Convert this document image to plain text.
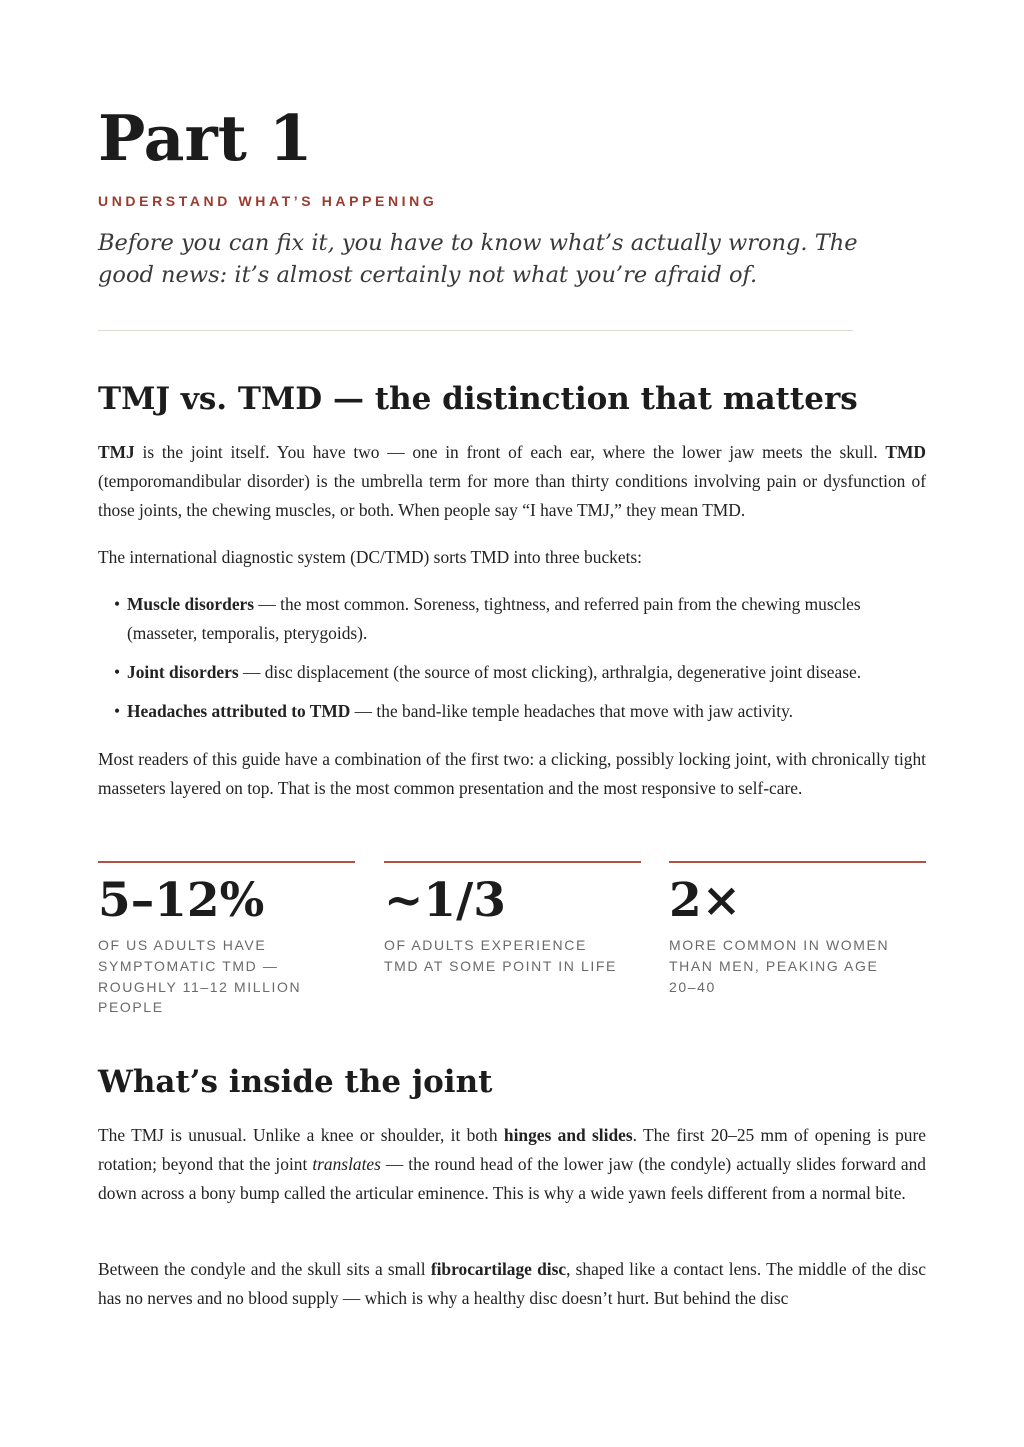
Part 1
UNDERSTAND WHAT’S HAPPENING

Before you can fix it, you have to know what’s actually wrong. The good news: it’s almost certainly not what you’re afraid of.

TMJ vs. TMD — the distinction that matters

TMJ is the joint itself. You have two — one in front of each ear, where the lower jaw meets the skull. TMD (temporomandibular disorder) is the umbrella term for more than thirty conditions involving pain or dysfunction of those joints, the chewing muscles, or both. When people say “I have TMJ,” they mean TMD.

The international diagnostic system (DC/TMD) sorts TMD into three buckets:

• Muscle disorders — the most common. Soreness, tightness, and referred pain from the chewing muscles (masseter, temporalis, pterygoids).
• Joint disorders — disc displacement (the source of most clicking), arthralgia, degenerative joint disease.
• Headaches attributed to TMD — the band-like temple headaches that move with jaw activity.

Most readers of this guide have a combination of the first two: a clicking, possibly locking joint, with chronically tight masseters layered on top. That is the most common presentation and the most responsive to self-care.

5–12%
OF US ADULTS HAVE SYMPTOMATIC TMD — ROUGHLY 11–12 MILLION PEOPLE
~1/3
OF ADULTS EXPERIENCE TMD AT SOME POINT IN LIFE
2×
MORE COMMON IN WOMEN THAN MEN, PEAKING AGE 20–40
What’s inside the joint

The TMJ is unusual. Unlike a knee or shoulder, it both hinges and slides. The first 20–25 mm of opening is pure rotation; beyond that the joint translates — the round head of the lower jaw (the condyle) actually slides forward and down across a bony bump called the articular eminence. This is why a wide yawn feels different from a normal bite.

Between the condyle and the skull sits a small fibrocartilage disc, shaped like a contact lens. The middle of the disc has no nerves and no blood supply — which is why a healthy disc doesn’t hurt. But behind the disc
